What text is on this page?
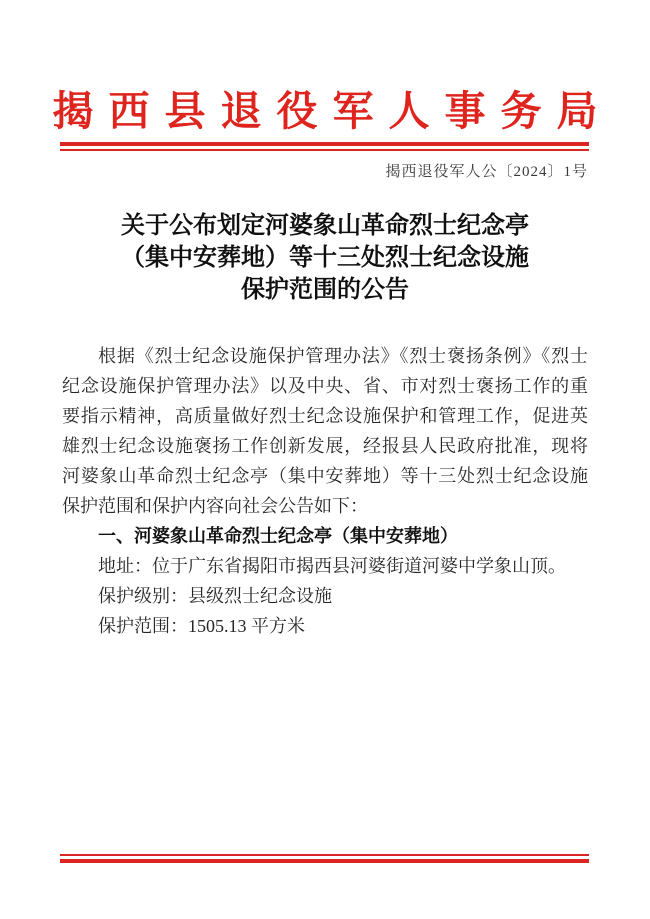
揭西县退役军人事务局
揭西退役军人公〔2024〕1号
关于公布划定河婆象山革命烈士纪念亭
（集中安葬地）等十三处烈士纪念设施
保护范围的公告
根据《烈士纪念设施保护管理办法》《烈士褒扬条例》《烈士
纪念设施保护管理办法》以及中央、省、市对烈士褒扬工作的重
要指示精神，高质量做好烈士纪念设施保护和管理工作，促进英
雄烈士纪念设施褒扬工作创新发展，经报县人民政府批准，现将
河婆象山革命烈士纪念亭（集中安葬地）等十三处烈士纪念设施
保护范围和保护内容向社会公告如下：
一、河婆象山革命烈士纪念亭（集中安葬地）
地址：位于广东省揭阳市揭西县河婆街道河婆中学象山顶。
保护级别：县级烈士纪念设施
保护范围：1505.13 平方米
